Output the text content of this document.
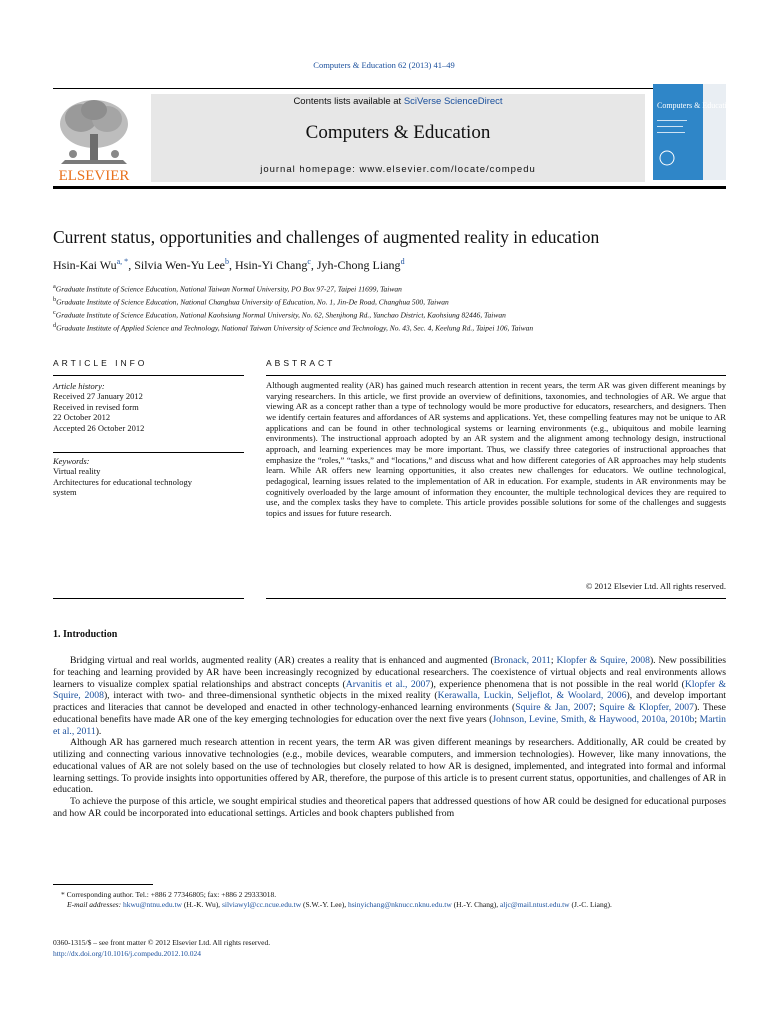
Computers & Education 62 (2013) 41–49
ELSEVIER
Contents lists available at SciVerse ScienceDirect
Computers & Education
journal homepage: www.elsevier.com/locate/compedu
Computers & Education
Current status, opportunities and challenges of augmented reality in education
Hsin-Kai $Wu^{a, *}$, Silvia Wen-Yu Lee$^b$, Hsin-Yi Chang$^c$, Jyh-Chong Liang$^d$
$^a$Graduate Institute of Science Education, National Taiwan Normal University, PO Box 97-27, Taipei 11699, Taiwan
$^b$Graduate Institute of Science Education, National Changhua University of Education, No. 1, Jin-De Road, Changhua 500, Taiwan
$^c$Graduate Institute of Science Education, National Kaohsiung Normal University, No. 62, Shenjhong Rd., Yanchao District, Kaohsiung 82446, Taiwan
$^d$Graduate Institute of Applied Science and Technology, National Taiwan University of Science and Technology, No. 43, Sec. 4, Keelung Rd., Taipei 106, Taiwan
ARTICLE INFO	ABSTRACT
Article history:
Received 27 January 2012
Received in revised form
22 October 2012
Accepted 26 October 2012
Keywords:
Virtual reality
Architectures for educational technology
system
Although augmented reality (AR) has gained much research attention in recent years, the term AR was given different meanings by varying researchers. In this article, we first provide an overview of definitions, taxonomies, and technologies of AR. We argue that viewing AR as a concept rather than a type of technology would be more productive for educators, researchers, and designers. Then we identify certain features and affordances of AR systems and applications. Yet, these compelling features may not be unique to AR applications and can be found in other technological systems or learning environments (e.g., ubiquitous and mobile learning environments). The instructional approach adopted by an AR system and the alignment among technology design, instructional approach, and learning experiences may be more important. Thus, we classify three categories of instructional approaches that emphasize the “roles,” “tasks,” and “locations,” and discuss what and how different categories of AR approaches may help students learn. While AR offers new learning opportunities, it also creates new challenges for educators. We outline technological, pedagogical, learning issues related to the implementation of AR in education. For example, students in AR environments may be cognitively overloaded by the large amount of information they encounter, the multiple technological devices they are required to use, and the complex tasks they have to complete. This article provides possible solutions for some of the challenges and suggests topics and issues for future research.
© 2012 Elsevier Ltd. All rights reserved.
1. Introduction

Bridging virtual and real worlds, augmented reality (AR) creates a reality that is enhanced and augmented (Bronack, 2011; Klopfer & Squire, 2008). New possibilities for teaching and learning provided by AR have been increasingly recognized by educational researchers. The coexistence of virtual objects and real environments allows learners to visualize complex spatial relationships and abstract concepts (Arvanitis et al., 2007), experience phenomena that is not possible in the real world (Klopfer & Squire, 2008), interact with two- and three-dimensional synthetic objects in the mixed reality (Kerawalla, Luckin, Seljeflot, & Woolard, 2006), and develop important practices and literacies that cannot be developed and enacted in other technology-enhanced learning environments (Squire & Jan, 2007; Squire & Klopfer, 2007). These educational benefits have made AR one of the key emerging technologies for education over the next five years (Johnson, Levine, Smith, & Haywood, 2010a, 2010b; Martin et al., 2011).

Although AR has garnered much research attention in recent years, the term AR was given different meanings by researchers. Additionally, AR could be created by utilizing and connecting various innovative technologies (e.g., mobile devices, wearable computers, and immersion technologies). However, like many innovations, the educational values of AR are not solely based on the use of technologies but closely related to how AR is designed, implemented, and integrated into formal and informal learning settings. To provide insights into opportunities offered by AR, therefore, the purpose of this article is to present current status, opportunities, and challenges of AR in education.

To achieve the purpose of this article, we sought empirical studies and theoretical papers that addressed questions of how AR could be designed for educational purposes and how AR could be incorporated into educational settings. Articles and book chapters published from

* Corresponding author. Tel.: +886 2 77346805; fax: +886 2 29333018.

E-mail addresses: hkwu@ntnu.edu.tw (H.-K. Wu), silviawyl@cc.ncue.edu.tw (S.W.-Y. Lee), hsinyichang@nknucc.nknu.edu.tw (H.-Y. Chang), aljc@mail.ntust.edu.tw (J.-C. Liang).

0360-1315/$ – see front matter © 2012 Elsevier Ltd. All rights reserved.
http://dx.doi.org/10.1016/j.compedu.2012.10.024
